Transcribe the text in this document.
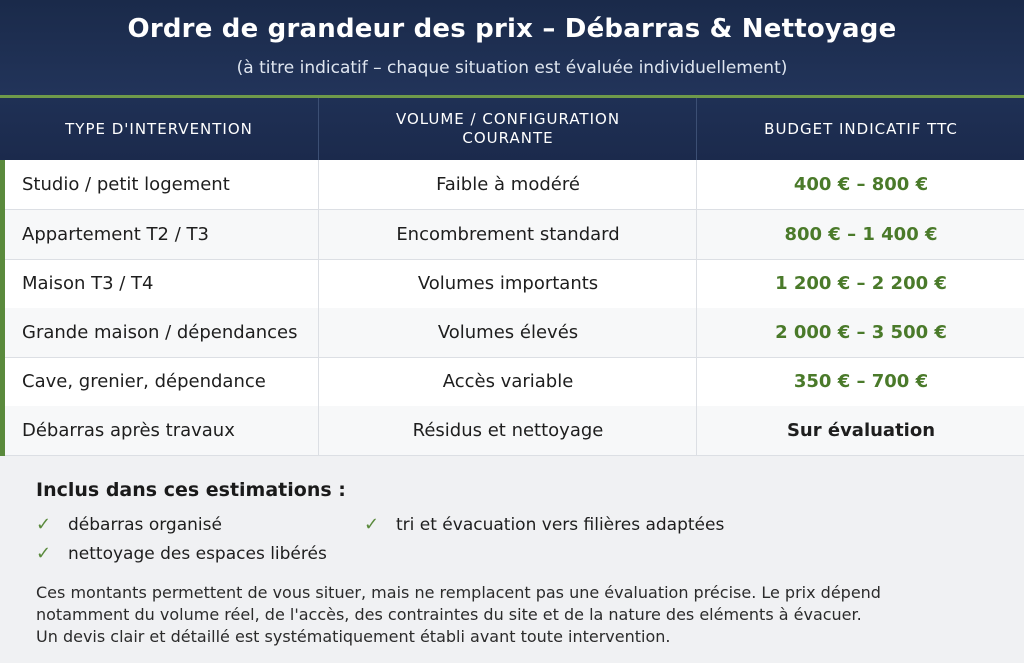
Ordre de grandeur des prix – Débarras & Nettoyage
(à titre indicatif – chaque situation est évaluée individuellement)
TYPE D'INTERVENTION
VOLUME / CONFIGURATION COURANTE
BUDGET INDICATIF TTC
Studio / petit logement	Faible à modéré	400 € – 800 €
Appartement T2 / T3	Encombrement standard	800 € – 1 400 €
Maison T3 / T4	Volumes importants	1 200 € – 2 200 €
Grande maison / dépendances	Volumes élevés	2 000 € – 3 500 €
Cave, grenier, dépendance	Accès variable	350 € – 700 €
Débarras après travaux	Résidus et nettoyage	Sur évaluation
Inclus dans ces estimations :
✓ débarras organisé	✓ tri et évacuation vers filières adaptées
✓ nettoyage des espaces libérés

Ces montants permettent de vous situer, mais ne remplacent pas une évaluation précise. Le prix dépend

notamment du volume réel, de l'accès, des contraintes du site et de la nature des eléments à évacuer.

Un devis clair et détaillé est systématiquement établi avant toute intervention.
